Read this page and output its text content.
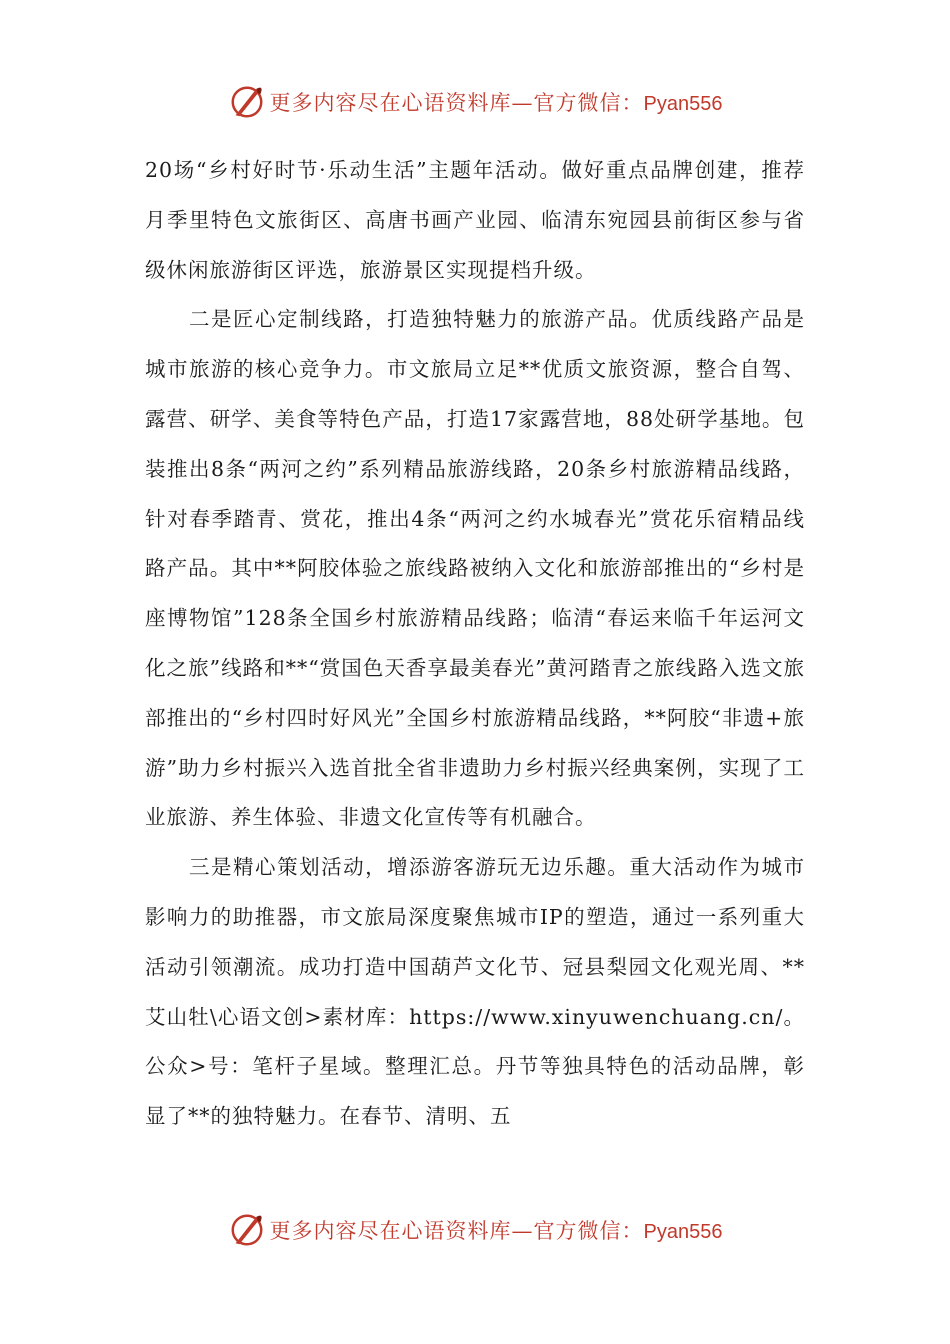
更多内容尽在心语资料库—官方微信：Pyan556

20场“乡村好时节·乐动生活”主题年活动。做好重点品牌创建，推荐月季里特色文旅街区、高唐书画产业园、临清东宛园县前街区参与省级休闲旅游街区评选，旅游景区实现提档升级。

二是匠心定制线路，打造独特魅力的旅游产品。优质线路产品是城市旅游的核心竞争力。市文旅局立足**优质文旅资源，整合自驾、露营、研学、美食等特色产品，打造17家露营地，88处研学基地。包装推出8条“两河之约”系列精品旅游线路，20条乡村旅游精品线路，针对春季踏青、赏花，推出4条“两河之约水城春光”赏花乐宿精品线路产品。其中**阿胶体验之旅线路被纳入文化和旅游部推出的“乡村是座博物馆”128条全国乡村旅游精品线路；临清“春运来临千年运河文化之旅”线路和**“赏国色天香享最美春光”黄河踏青之旅线路入选文旅部推出的“乡村四时好风光”全国乡村旅游精品线路，**阿胶“非遗+旅游”助力乡村振兴入选首批全省非遗助力乡村振兴经典案例，实现了工业旅游、养生体验、非遗文化宣传等有机融合。

三是精心策划活动，增添游客游玩无边乐趣。重大活动作为城市影响力的助推器，市文旅局深度聚焦城市IP的塑造，通过一系列重大活动引领潮流。成功打造中国葫芦文化节、冠县梨园文化观光周、**艾山牡\心语文创>素材库：https://www.xinyuwenchuang.cn/。公众>号：笔杆子星域。整理汇总。丹节等独具特色的活动品牌，彰显了**的独特魅力。在春节、清明、五

更多内容尽在心语资料库—官方微信：Pyan556
